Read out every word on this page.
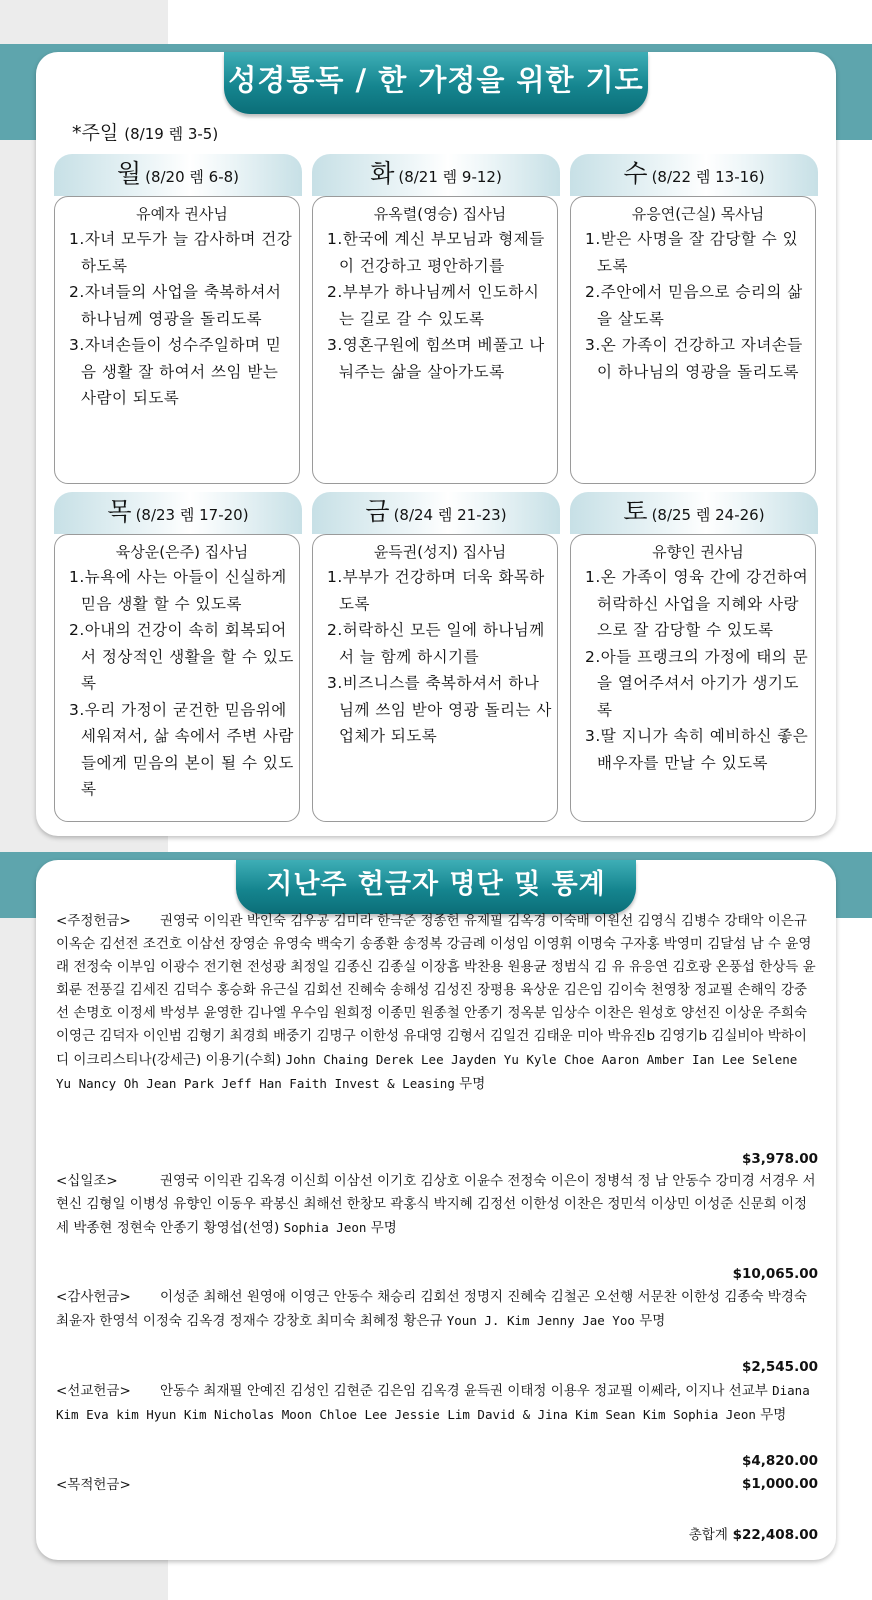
성경통독 / 한 가정을 위한 기도
*주일 (8/19 렘 3-5)
월 (8/20 렘 6-8)
유예자 권사님
1.자녀 모두가 늘 감사하며 건강하도록
2.자녀들의 사업을 축복하셔서 하나님께 영광을 돌리도록
3.자녀손들이 성수주일하며 믿음 생활 잘 하여서 쓰임 받는 사람이 되도록
화 (8/21 렘 9-12)
유옥렬(영승) 집사님
1.한국에 계신 부모님과 형제들이 건강하고 평안하기를
2.부부가 하나님께서 인도하시는 길로 갈 수 있도록
3.영혼구원에 힘쓰며 베풀고 나눠주는 삶을 살아가도록
수 (8/22 렘 13-16)
유응연(근실) 목사님
1.받은 사명을 잘 감당할 수 있도록
2.주안에서 믿음으로 승리의 삶을 살도록
3.온 가족이 건강하고 자녀손들이 하나님의 영광을 돌리도록
목 (8/23 렘 17-20)
육상운(은주) 집사님
1.뉴욕에 사는 아들이 신실하게 믿음 생활 할 수 있도록
2.아내의 건강이 속히 회복되어서 정상적인 생활을 할 수 있도록
3.우리 가정이 굳건한 믿음위에 세워져서, 삶 속에서 주변 사람들에게 믿음의 본이 될 수 있도록
금 (8/24 렘 21-23)
윤득권(성지) 집사님
1.부부가 건강하며 더욱 화목하도록
2.허락하신 모든 일에 하나님께서 늘 함께 하시기를
3.비즈니스를 축복하셔서 하나님께 쓰임 받아 영광 돌리는 사업체가 되도록
토 (8/25 렘 24-26)
유향인 권사님
1.온 가족이 영육 간에 강건하여 허락하신 사업을 지혜와 사랑으로 잘 감당할 수 있도록
2.아들 프랭크의 가정에 태의 문을 열어주셔서 아기가 생기도록
3.딸 지니가 속히 예비하신 좋은 배우자를 만날 수 있도록
지난주 헌금자 명단 및 통계
<주정헌금> 권영국 이익관 박인숙 김우공 김미라 한극준 정종헌 유제필 김옥경 이숙배 이원선 김영식 김병수 강태악 이은규 이옥순 김선전 조건호 이삼선 장영순 유영숙 백숙기 송종환 송정복 강금례 이성임 이영휘 이명숙 구자홍 박영미 김달섬 남 수 윤영래 전정숙 이부임 이광수 전기현 전성광 최정일 김종신 김종실 이장흠 박찬용 원용균 정범식 김 유 유응연 김호광 온풍섭 한상득 윤회룬 전풍길 김세진 김덕수 홍승화 유근실 김회선 진혜숙 송해성 김성진 장평용 육상운 김은임 김이숙 천영창 정교필 손해익 강중선 손명호 이정세 박성부 윤영한 김나엘 우수임 원희정 이종민 원종철 안종기 정옥분 임상수 이찬은 원성호 양선진 이상운 주희숙 이영근 김덕자 이인범 김형기 최경희 배중기 김명구 이한성 유대영 김형서 김일건 김태운 미아 박유진b 김영기b 김실비아 박하이디 이크리스티나(강세근) 이용기(수희) John Chaing Derek Lee Jayden Yu Kyle Choe Aaron Amber Ian Lee Selene Yu Nancy Oh Jean Park Jeff Han Faith Invest & Leasing 무명
$3,978.00
<십일조>	권영국 이익관 김옥경 이신희 이삼선 이기호 김상호 이윤수 전정숙 이은이 정병석 정 남 안동수 강미경 서경우 서현신 김형일 이병성 유향인 이동우 곽봉신 최해선 한창모 곽홍식 박지혜 김정선 이한성 이찬은 정민석 이상민 이성준 신문희 이정세 박종현 정현숙 안종기 황영섭(선영) Sophia Jeon 무명
$10,065.00
<감사헌금> 이성준 최해선 원영애 이영근 안동수 채승리 김회선 정명지 진혜숙 김철곤 오선행 서문찬 이한성 김종숙 박경숙 최윤자 한영석 이정숙 김옥경 정재수 강창호 최미숙 최혜정 황은규 Youn J. Kim Jenny Jae Yoo 무명
$2,545.00
<선교헌금> 안동수 최재필 안예진 김성인 김현준 김은임 김옥경 윤득권 이태정 이용우 정교필 이쎄라, 이지나 선교부 Diana Kim Eva kim Hyun Kim Nicholas Moon Chloe Lee Jessie Lim David & Jina Kim Sean Kim Sophia Jeon 무명
$4,820.00
<목적헌금>	$1,000.00
총합계 $22,408.00
